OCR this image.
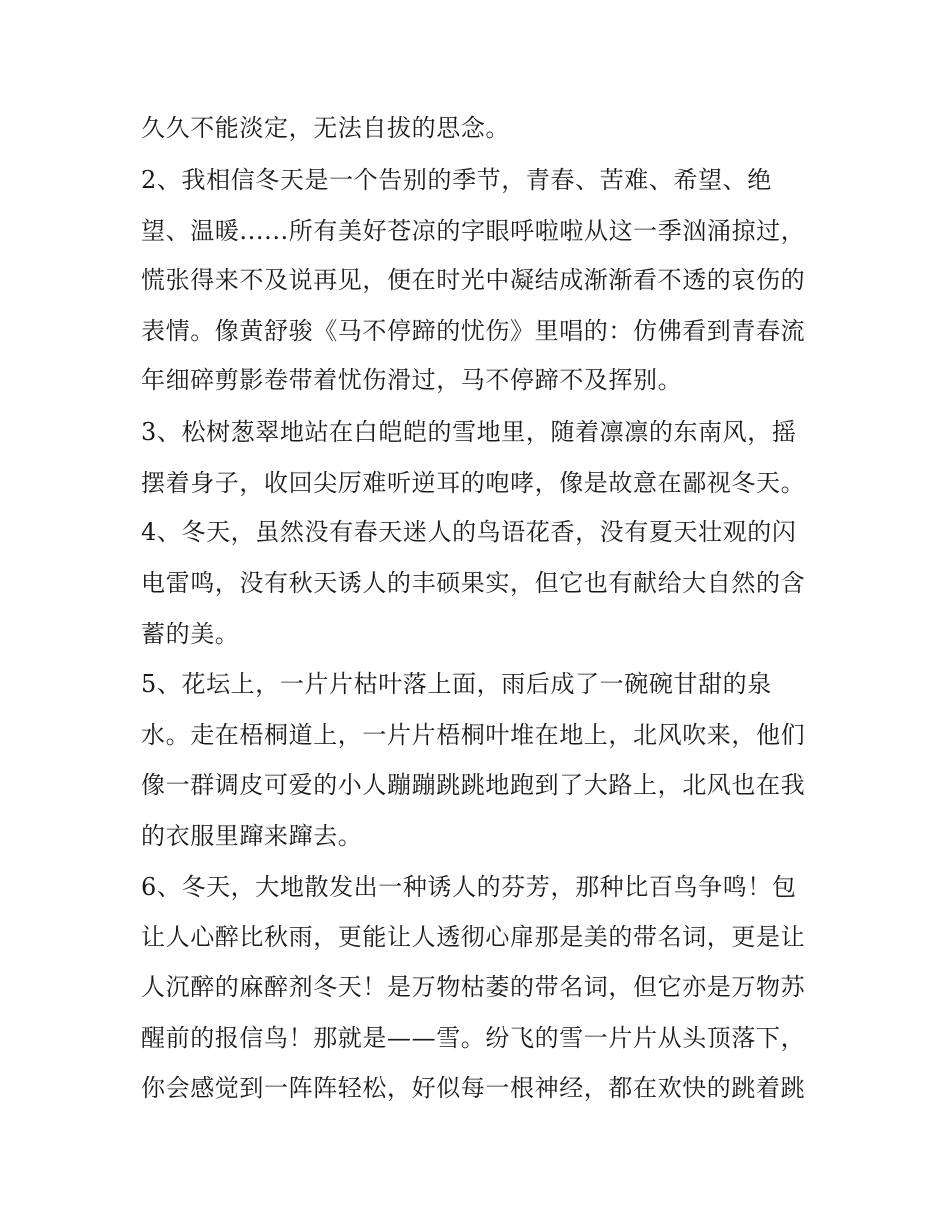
久久不能淡定，无法自拔的思念。
2、我相信冬天是一个告别的季节，青春、苦难、希望、绝
望、温暖......所有美好苍凉的字眼呼啦啦从这一季汹涌掠过，
慌张得来不及说再见，便在时光中凝结成渐渐看不透的哀伤的
表情。像黄舒骏《马不停蹄的忧伤》里唱的：仿佛看到青春流
年细碎剪影卷带着忧伤滑过，马不停蹄不及挥别。
3、松树葱翠地站在白皑皑的雪地里，随着凛凛的东南风，摇
摆着身子，收回尖厉难听逆耳的咆哮，像是故意在鄙视冬天。
4、冬天，虽然没有春天迷人的鸟语花香，没有夏天壮观的闪
电雷鸣，没有秋天诱人的丰硕果实，但它也有献给大自然的含
蓄的美。
5、花坛上，一片片枯叶落上面，雨后成了一碗碗甘甜的泉
水。走在梧桐道上，一片片梧桐叶堆在地上，北风吹来，他们
像一群调皮可爱的小人蹦蹦跳跳地跑到了大路上，北风也在我
的衣服里蹿来蹿去。
6、冬天，大地散发出一种诱人的芬芳，那种比百鸟争鸣！包
让人心醉比秋雨，更能让人透彻心扉那是美的带名词，更是让
人沉醉的麻醉剂冬天！是万物枯萎的带名词，但它亦是万物苏
醒前的报信鸟！那就是——雪。纷飞的雪一片片从头顶落下，
你会感觉到一阵阵轻松，好似每一根神经，都在欢快的跳着跳
